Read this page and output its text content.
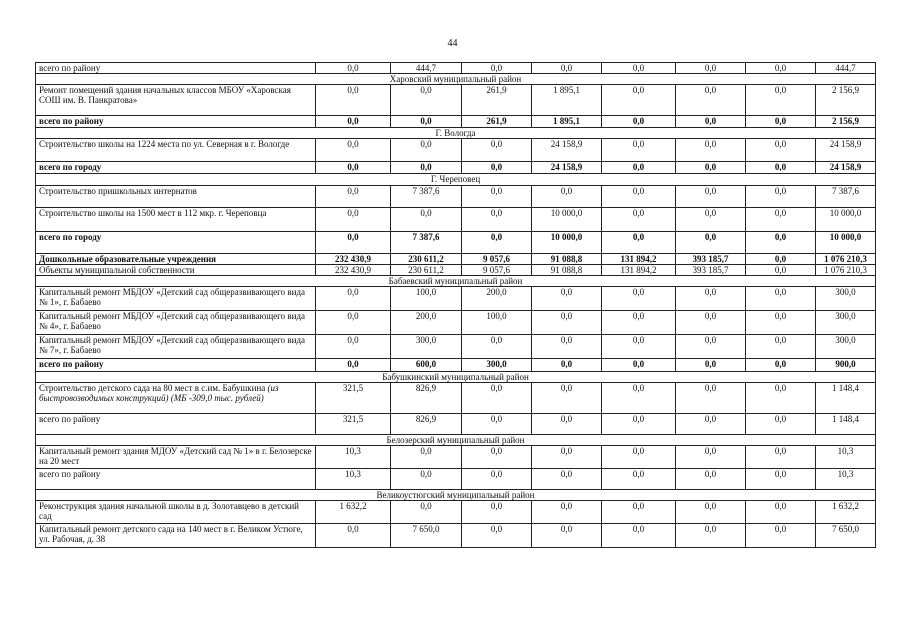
44
всего по району	0,0	444,7	0,0	0,0	0,0	0,0	0,0	444,7
Харовский муниципальный район								
Ремонт помещений здания начальных классов МБОУ «Харовская СОШ им. В. Панкратова»	0,0	0,0	261,9	1 895,1	0,0	0,0	0,0	2 156,9
всего по району	0,0	0,0	261,9	1 895,1	0,0	0,0	0,0	2 156,9
Г. Вологда								
Строительство школы на 1224 места по ул. Северная в г. Вологде	0,0	0,0	0,0	24 158,9	0,0	0,0	0,0	24 158,9
всего по городу	0,0	0,0	0,0	24 158,9	0,0	0,0	0,0	24 158,9
Г. Череповец								
Строительство пришкольных интернатов	0,0	7 387,6	0,0	0,0	0,0	0,0	0,0	7 387,6
Строительство школы на 1500 мест в 112 мкр. г. Череповца	0,0	0,0	0,0	10 000,0	0,0	0,0	0,0	10 000,0
всего по городу	0,0	7 387,6	0,0	10 000,0	0,0	0,0	0,0	10 000,0
Дошкольные образовательные учреждения	232 430,9	230 611,2	9 057,6	91 088,8	131 894,2	393 185,7	0,0	1 076 210,3
Объекты муниципальной собственности	232 430,9	230 611,2	9 057,6	91 088,8	131 894,2	393 185,7	0,0	1 076 210,3
Бабаевский муниципальный район								
Капитальный ремонт МБДОУ «Детский сад общеразвивающего вида № 1», г. Бабаево	0,0	100,0	200,0	0,0	0,0	0,0	0,0	300,0
Капитальный ремонт МБДОУ «Детский сад общеразвивающего вида № 4», г. Бабаево	0,0	200,0	100,0	0,0	0,0	0,0	0,0	300,0
Капитальный ремонт МБДОУ «Детский сад общеразвивающего вида № 7», г. Бабаево	0,0	300,0	0,0	0,0	0,0	0,0	0,0	300,0
всего по району	0,0	600,0	300,0	0,0	0,0	0,0	0,0	900,0
Бабушкинский муниципальный район								
Строительство детского сада на 80 мест в с.им. Бабушкина (из быстровозводимых конструкций) (МБ -309,0 тыс. рублей)	321,5	826,9	0,0	0,0	0,0	0,0	0,0	1 148,4
всего по району	321,5	826,9	0,0	0,0	0,0	0,0	0,0	1 148,4
Белозерский муниципальный район								
Капитальный ремонт здания МДОУ «Детский сад № 1» в г. Белозерске на 20 мест	10,3	0,0	0,0	0,0	0,0	0,0	0,0	10,3
всего по району	10,3	0,0	0,0	0,0	0,0	0,0	0,0	10,3
Великоустюгский муниципальный район								
Реконструкция здания начальной школы в д. Золотавцево в детский сад	1 632,2	0,0	0,0	0,0	0,0	0,0	0,0	1 632,2
Капитальный ремонт детского сада на 140 мест в г. Великом Устюге, ул. Рабочая, д. 38	0,0	7 650,0	0,0	0,0	0,0	0,0	0,0	7 650,0
